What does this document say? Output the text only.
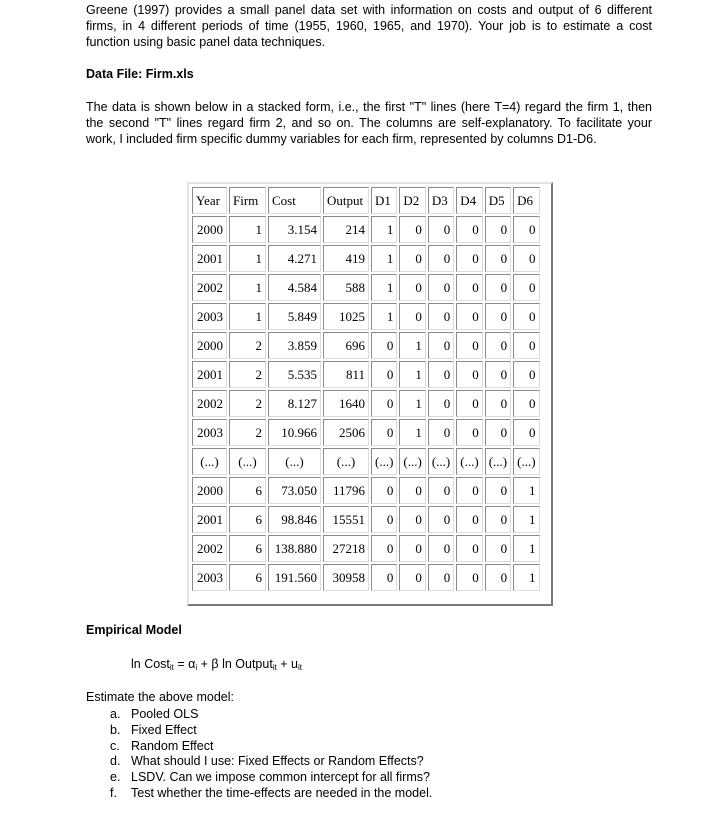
Greene (1997) provides a small panel data set with information on costs and output of 6 different firms, in 4 different periods of time (1955, 1960, 1965, and 1970). Your job is to estimate a cost function using basic panel data techniques.

Data File: Firm.xls

The data is shown below in a stacked form, i.e., the first "T" lines (here T=4) regard the firm 1, then the second "T" lines regard firm 2, and so on. The columns are self-explanatory. To facilitate your work, I included firm specific dummy variables for each firm, represented by columns D1-D6.

Year	Firm	Cost	Output	D1	D2	D3	D4	D5	D6
2000	1	3.154	214	1	0	0	0	0	0
2001	1	4.271	419	1	0	0	0	0	0
2002	1	4.584	588	1	0	0	0	0	0
2003	1	5.849	1025	1	0	0	0	0	0
2000	2	3.859	696	0	1	0	0	0	0
2001	2	5.535	811	0	1	0	0	0	0
2002	2	8.127	1640	0	1	0	0	0	0
2003	2	10.966	2506	0	1	0	0	0	0
(...)	(...)	(...)	(...)	(...)	(...)	(...)	(...)	(...)	(...)
2000	6	73.050	11796	0	0	0	0	0	1
2001	6	98.846	15551	0	0	0	0	0	1
2002	6	138.880	27218	0	0	0	0	0	1
2003	6	191.560	30958	0	0	0	0	0	1
Empirical Model
ln Cost$_{it}$ = $\alpha_i + \beta$ ln Output$_{it}$ + $u_{it}$
Estimate the above model:
a. Pooled OLS
b. Fixed Effect
c. Random Effect
d. What should I use: Fixed Effects or Random Effects?
e. LSDV. Can we impose common intercept for all firms?
f. Test whether the time-effects are needed in the model.
